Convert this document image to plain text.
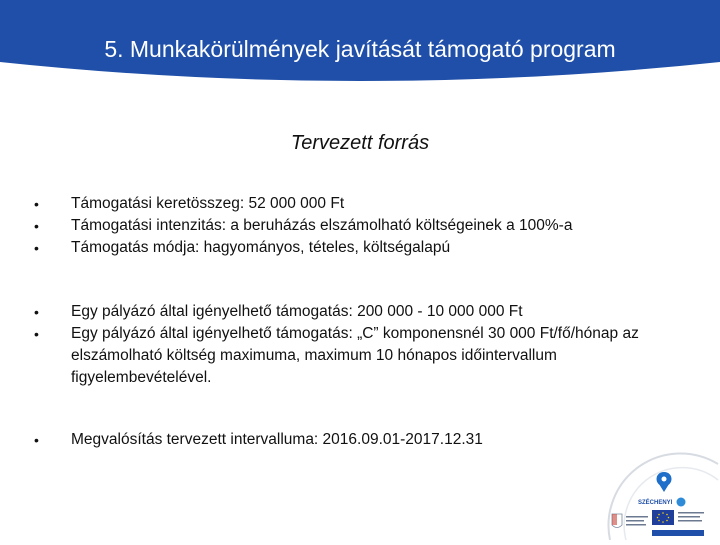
5. Munkakörülmények javítását támogató program
Tervezett forrás
• Támogatási keretösszeg: 52 000 000 Ft
• Támogatási intenzitás: a beruházás elszámolható költségeinek a 100%-a
• Támogatás módja: hagyományos, tételes, költségalapú
• Egy pályázó által igényelhető támogatás: 200 000 - 10 000 000 Ft
• Egy pályázó által igényelhető támogatás: „C” komponensnél 30 000 Ft/fő/hónap az elszámolható költség maximuma, maximum 10 hónapos időintervallum figyelembevételével.
• Megvalósítás tervezett intervalluma: 2016.09.01-2017.12.31
SZÉCHENYI
